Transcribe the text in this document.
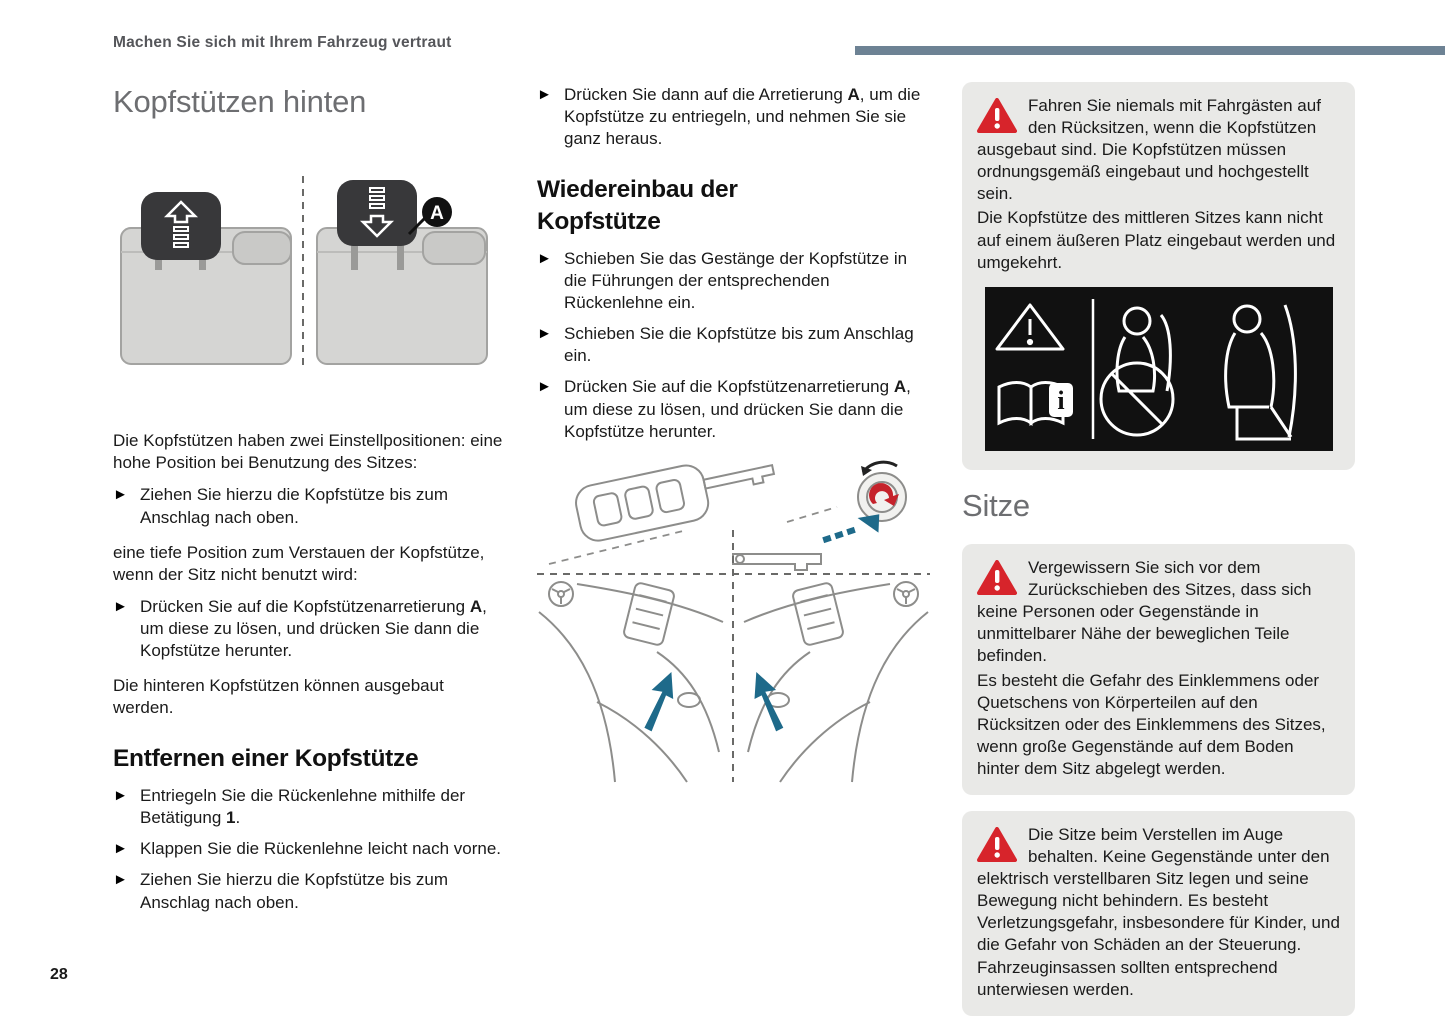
Machen Sie sich mit Ihrem Fahrzeug vertraut
Kopfstützen hinten
A

Die Kopfstützen haben zwei Einstellpositionen: eine hohe Position bei Benutzung des Sitzes:

► Ziehen Sie hierzu die Kopfstütze bis zum Anschlag nach oben.

eine tiefe Position zum Verstauen der Kopfstütze, wenn der Sitz nicht benutzt wird:

► Drücken Sie auf die Kopfstützenarretierung A, um diese zu lösen, und drücken Sie dann die Kopfstütze herunter.

Die hinteren Kopfstützen können ausgebaut werden.

Entfernen einer Kopfstütze
► Entriegeln Sie die Rückenlehne mithilfe der Betätigung 1.
► Klappen Sie die Rückenlehne leicht nach vorne.
► Ziehen Sie hierzu die Kopfstütze bis zum Anschlag nach oben.
► Drücken Sie dann auf die Arretierung A, um die Kopfstütze zu entriegeln, und nehmen Sie sie ganz heraus.
Wiedereinbau der Kopfstütze
► Schieben Sie das Gestänge der Kopfstütze in die Führungen der entsprechenden Rückenlehne ein.
► Schieben Sie die Kopfstütze bis zum Anschlag ein.
► Drücken Sie auf die Kopfstützenarretierung A, um diese zu lösen, und drücken Sie dann die Kopfstütze herunter.

Fahren Sie niemals mit Fahrgästen auf den Rücksitzen, wenn die Kopfstützen ausgebaut sind. Die Kopfstützen müssen ordnungsgemäß eingebaut und hochgestellt sein.

Die Kopfstütze des mittleren Sitzes kann nicht auf einem äußeren Platz eingebaut werden und umgekehrt.

i
Sitze

Vergewissern Sie sich vor dem Zurückschieben des Sitzes, dass sich keine Personen oder Gegenstände in unmittelbarer Nähe der beweglichen Teile befinden.

Es besteht die Gefahr des Einklemmens oder Quetschens von Körperteilen auf den Rücksitzen oder des Einklemmens des Sitzes, wenn große Gegenstände auf dem Boden hinter dem Sitz abgelegt werden.

Die Sitze beim Verstellen im Auge behalten. Keine Gegenstände unter den elektrisch verstellbaren Sitz legen und seine Bewegung nicht behindern. Es besteht Verletzungsgefahr, insbesondere für Kinder, und die Gefahr von Schäden an der Steuerung. Fahrzeuginsassen sollten entsprechend unterwiesen werden.

28
